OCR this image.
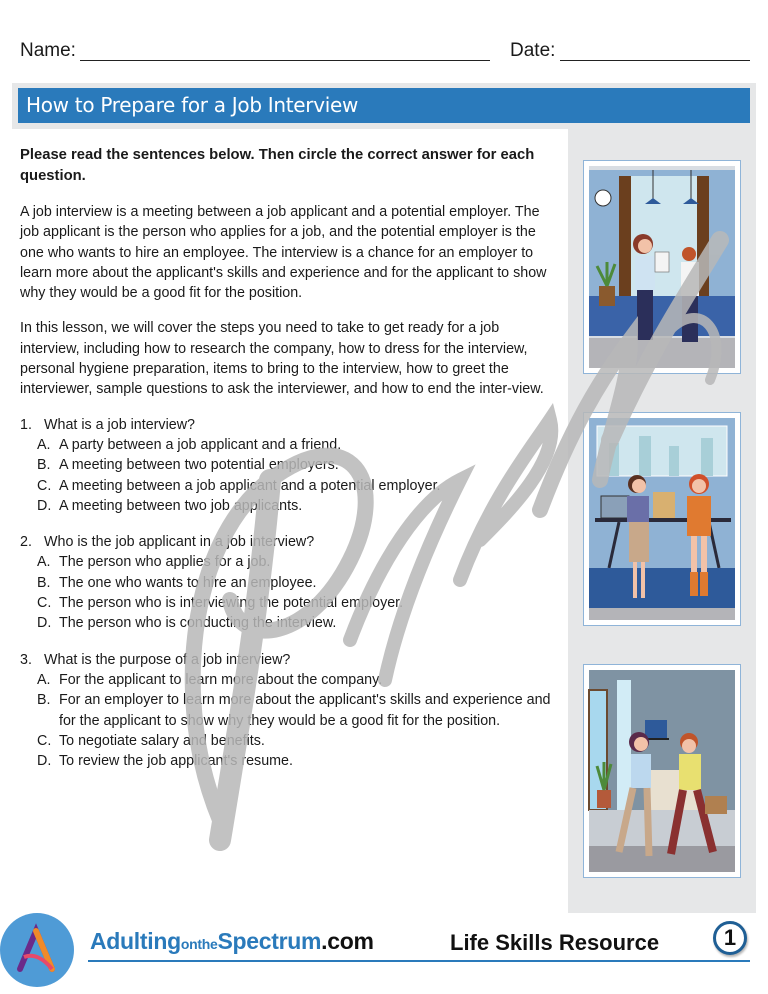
Name:	Date:
How to Prepare for a Job Interview

Please read the sentences below. Then circle the correct answer for each question.

A job interview is a meeting between a job applicant and a potential employer. The job applicant is the person who applies for a job, and the potential employer is the one who wants to hire an employee. The interview is a chance for an employer to learn more about the applicant's skills and experience and for the applicant to show why they would be a good fit for the position.

In this lesson, we will cover the steps you need to take to get ready for a job interview, including how to research the company, how to dress for the interview, personal hygiene preparation, items to bring to the interview, how to greet the interviewer, sample questions to ask the interviewer, and how to end the inter-view.

1. What is a job interview?
A. A party between a job applicant and a friend.
B. A meeting between two potential employers.
C. A meeting between a job applicant and a potential employer.
D. A meeting between two job applicants.
2. Who is the job applicant in a job interview?
A. The person who applies for a job.
B. The one who wants to hire an employee.
C. The person who is interviewing the potential employer.
D. The person who is conducting the interview.
3. What is the purpose of a job interview?
A. For the applicant to learn more about the company.
B. For an employer to learn more about the applicant's skills and experience and for the applicant to show why they would be a good fit for the position.
C. To negotiate salary and benefits.
D. To review the job applicant's resume.
Preview
AdultingontheSpectrum.com	Life Skills Resource	1
